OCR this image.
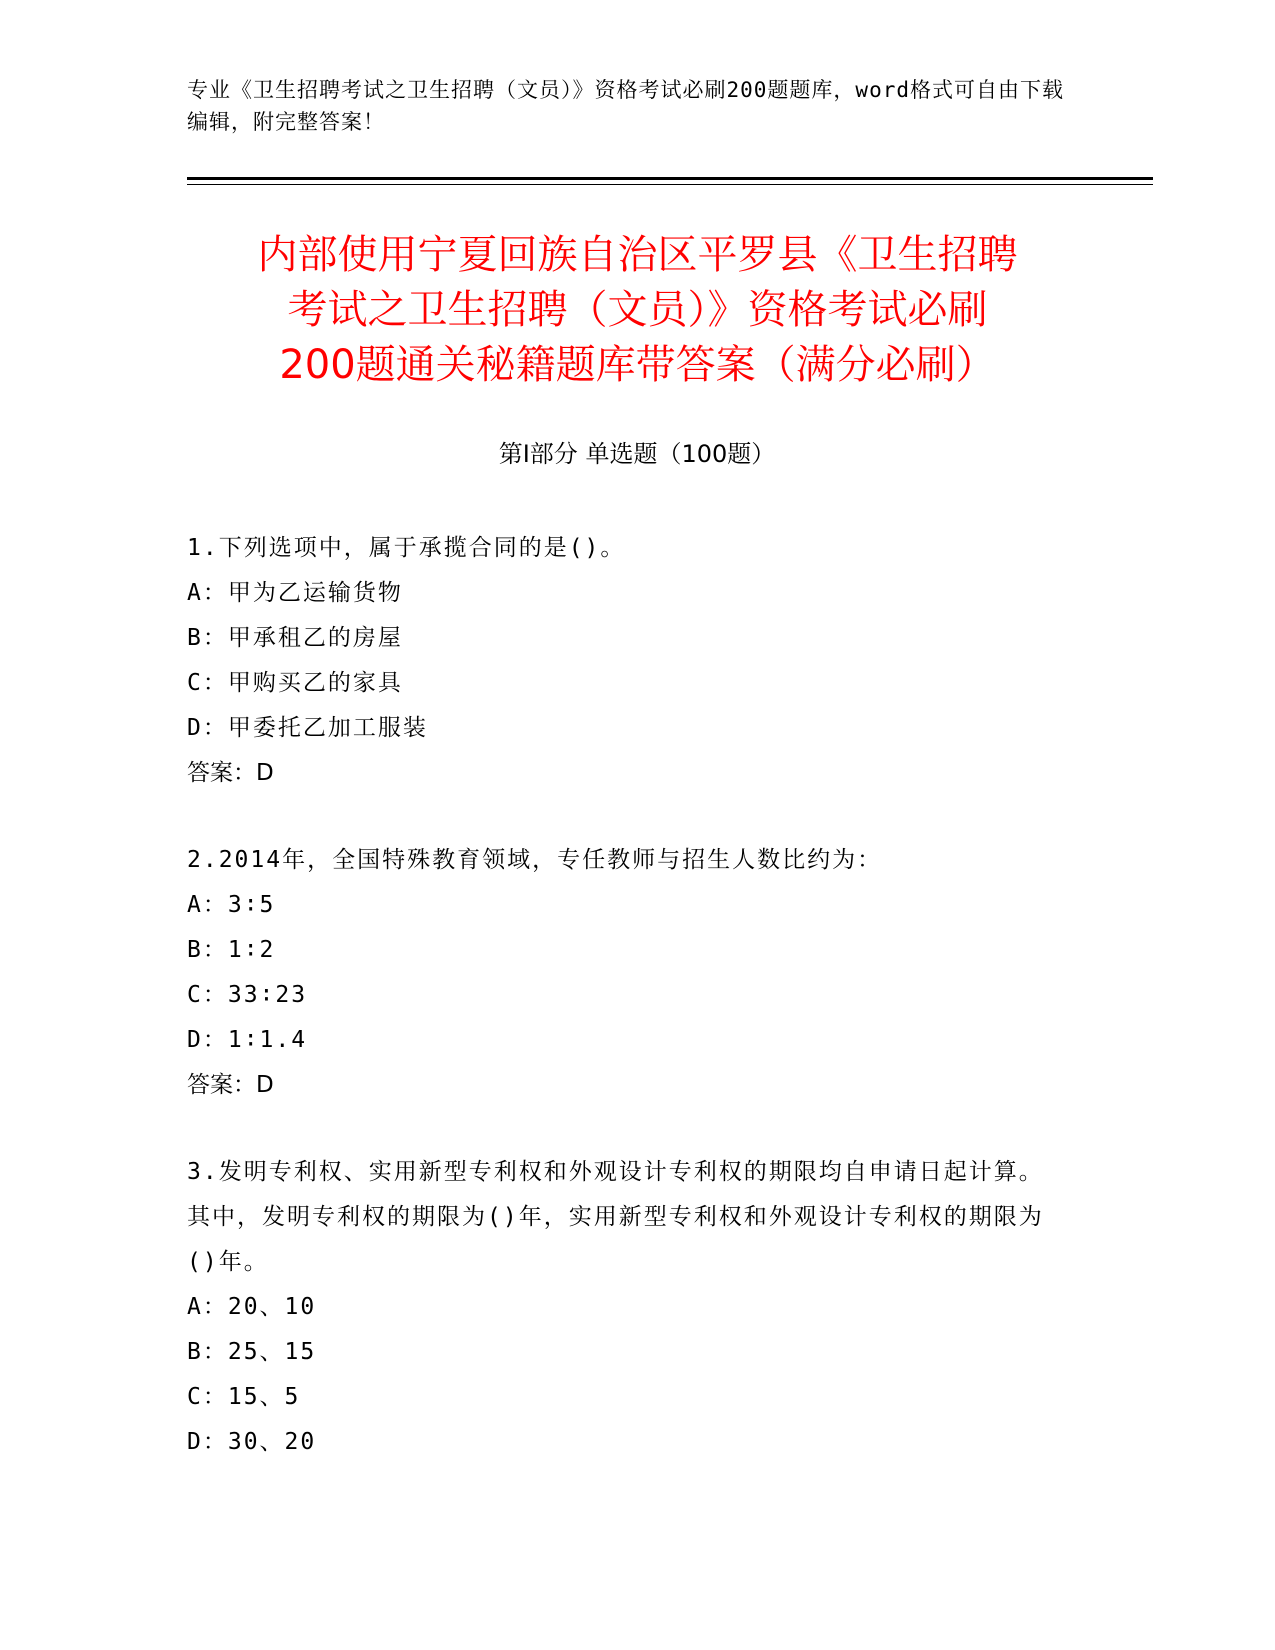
专业《卫生招聘考试之卫生招聘（文员）》资格考试必刷200题题库，word格式可自由下载编辑，附完整答案！
内部使用宁夏回族自治区平罗县《卫生招聘
考试之卫生招聘（文员）》资格考试必刷
200题通关秘籍题库带答案（满分必刷）
第I部分 单选题（100题）
1.下列选项中，属于承揽合同的是()。
A：甲为乙运输货物
B：甲承租乙的房屋
C：甲购买乙的家具
D：甲委托乙加工服装
答案：D
2.2014年，全国特殊教育领域，专任教师与招生人数比约为：
A：3∶5
B：1∶2
C：33∶23
D：1∶1.4
答案：D
3.发明专利权、实用新型专利权和外观设计专利权的期限均自申请日起计算。其中，发明专利权的期限为()年，实用新型专利权和外观设计专利权的期限为()年。
A：20、10
B：25、15
C：15、5
D：30、20
